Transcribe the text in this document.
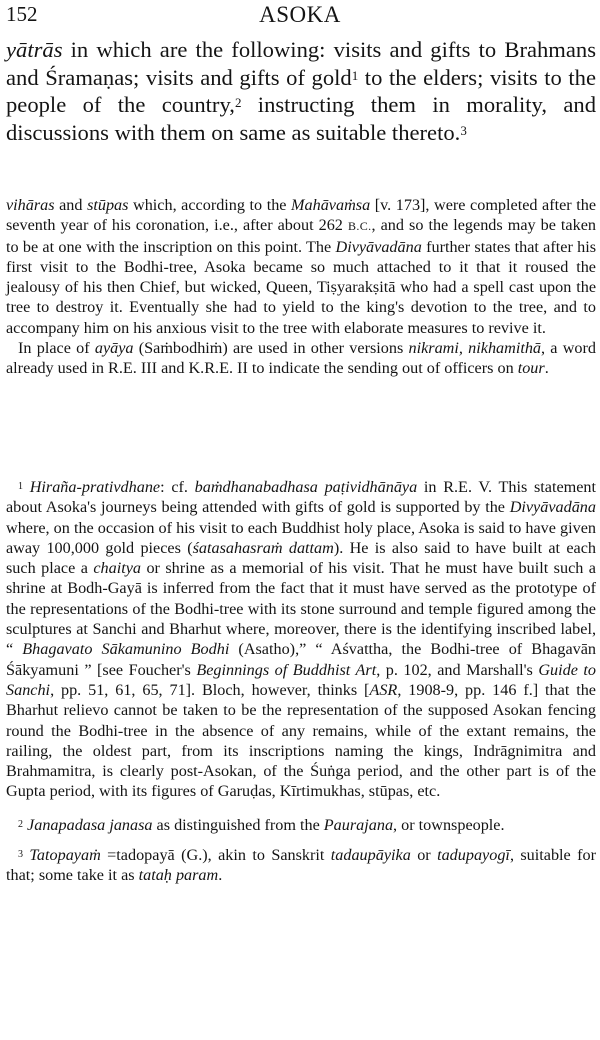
152	ASOKA

yātrās in which are the following: visits and gifts to Brahmans and Śramaṇas; visits and gifts of gold$^1$ to the elders; visits to the people of the country,$^2$ instructing them in morality, and discussions with them on same as suitable thereto.$^3$

vihāras and stūpas which, according to the Mahāvaṁsa [v. 173], were completed after the seventh year of his coronation, i.e., after about 262 B.C., and so the legends may be taken to be at one with the inscription on this point. The Divyāvadāna further states that after his first visit to the Bodhi-tree, Asoka became so much attached to it that it roused the jealousy of his then Chief, but wicked, Queen, Tiṣyarakṣitā who had a spell cast upon the tree to destroy it. Eventually she had to yield to the king's devotion to the tree, and to accompany him on his anxious visit to the tree with elaborate measures to revive it.

In place of ayāya (Saṁbodhiṁ) are used in other versions nikrami, nikhamithā, a word already used in R.E. III and K.R.E. II to indicate the sending out of officers on tour.

$^1$ Hiraña-prativdhane: cf. baṁdhanabadhasa paṭividhānāya in R.E. V. This statement about Asoka's journeys being attended with gifts of gold is supported by the Divyāvadāna where, on the occasion of his visit to each Buddhist holy place, Asoka is said to have given away 100,000 gold pieces (śatasahasraṁ dattam). He is also said to have built at each such place a chaitya or shrine as a memorial of his visit. That he must have built such a shrine at Bodh-Gayā is inferred from the fact that it must have served as the prototype of the representations of the Bodhi-tree with its stone surround and temple figured among the sculptures at Sanchi and Bharhut where, moreover, there is the identifying inscribed label, “ Bhagavato Sākamunino Bodhi (Asatho),” “ Aśvattha, the Bodhi-tree of Bhagavān Śākyamuni ” [see Foucher's Beginnings of Buddhist Art, p. 102, and Marshall's Guide to Sanchi, pp. 51, 61, 65, 71]. Bloch, however, thinks [ASR, 1908-9, pp. 146 f.] that the Bharhut relievo cannot be taken to be the representation of the supposed Asokan fencing round the Bodhi-tree in the absence of any remains, while of the extant remains, the railing, the oldest part, from its inscriptions naming the kings, Indrāgnimitra and Brahmamitra, is clearly post-Asokan, of the Śuṅga period, and the other part is of the Gupta period, with its figures of Garuḍas, Kīrtimukhas, stūpas, etc.

$^2$ Janapadasa janasa as distinguished from the Paurajana, or townspeople.

$^3$ Tatopayaṁ =tadopayā (G.), akin to Sanskrit tadaupāyika or tadupayogī, suitable for that; some take it as tataḥ param.
